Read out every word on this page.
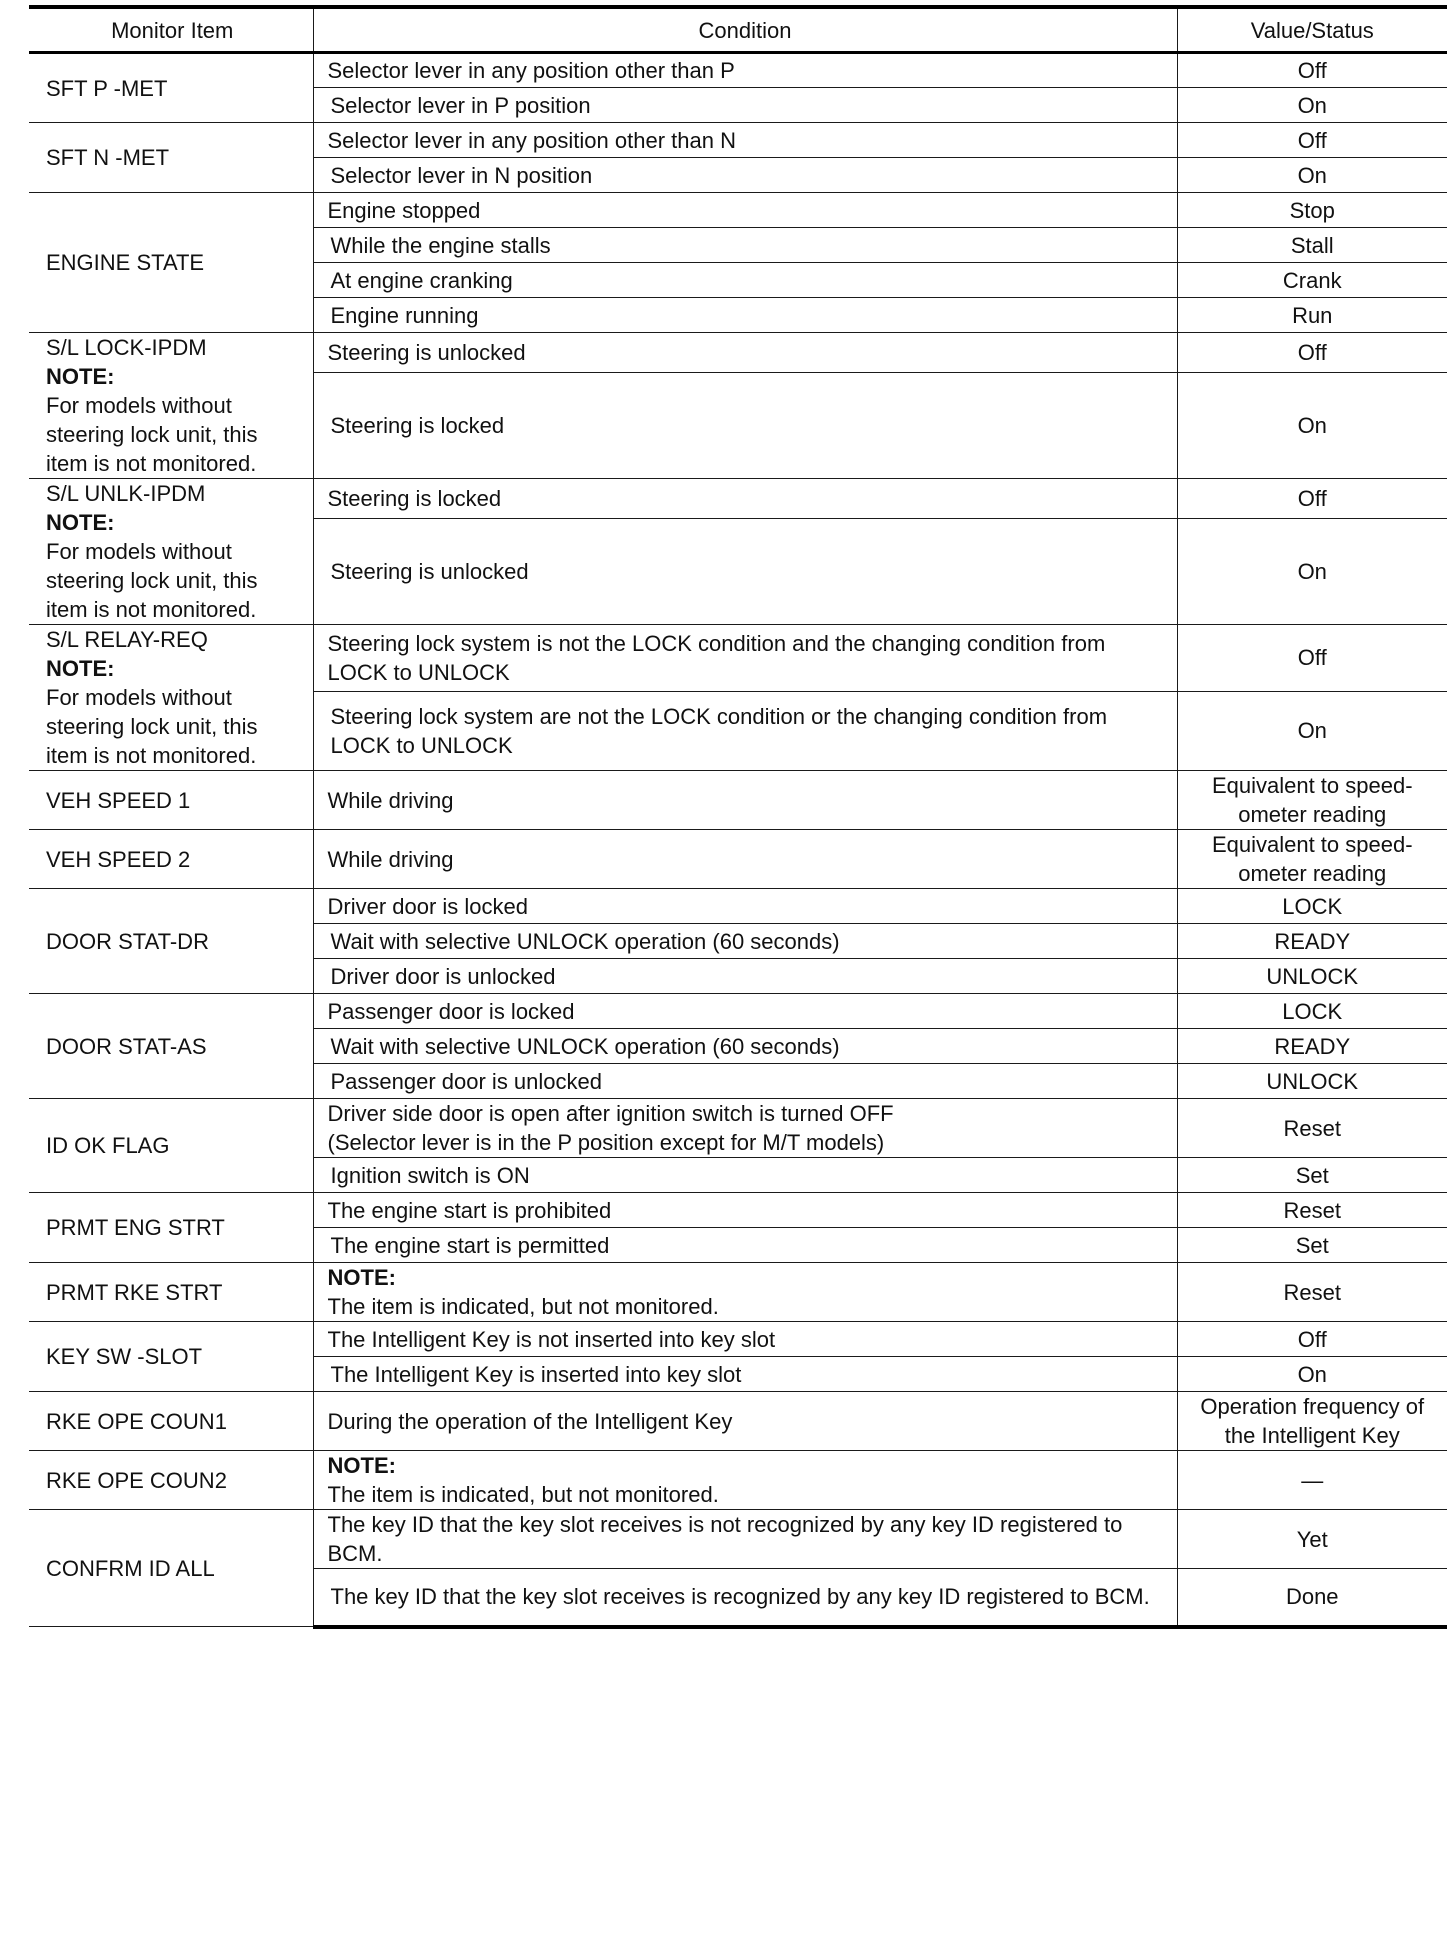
Monitor Item	Condition	Value/Status
SFT P -MET	Selector lever in any position other than P	Off
	Selector lever in P position	On
SFT N -MET	Selector lever in any position other than N	Off
	Selector lever in N position	On
ENGINE STATE	Engine stopped	Stop
	While the engine stalls	Stall
	At engine cranking	Crank
	Engine running	Run

S/L LOCK-IPDM
NOTE:
For models without steering lock unit, this item is not monitored.	Steering is unlocked	Off
	Steering is locked	On

S/L UNLK-IPDM
NOTE:
For models without steering lock unit, this item is not monitored.	Steering is locked	Off
	Steering is unlocked	On

S/L RELAY-REQ
NOTE:
For models without steering lock unit, this item is not monitored.	Steering lock system is not the LOCK condition and the changing condition from LOCK to UNLOCK	Off
	Steering lock system are not the LOCK condition or the changing condition from LOCK to UNLOCK	On
VEH SPEED 1	While driving	Equivalent to speed-ometer reading
VEH SPEED 2	While driving	Equivalent to speed-ometer reading
DOOR STAT-DR	Driver door is locked	LOCK
	Wait with selective UNLOCK operation (60 seconds)	READY
	Driver door is unlocked	UNLOCK
DOOR STAT-AS	Passenger door is locked	LOCK
	Wait with selective UNLOCK operation (60 seconds)	READY
	Passenger door is unlocked	UNLOCK
ID OK FLAG	Driver side door is open after ignition switch is turned OFF
(Selector lever is in the P position except for M/T models)	Reset
	Ignition switch is ON	Set
PRMT ENG STRT	The engine start is prohibited	Reset
	The engine start is permitted	Set
PRMT RKE STRT	NOTE:
The item is indicated, but not monitored.	Reset
KEY SW -SLOT	The Intelligent Key is not inserted into key slot	Off
	The Intelligent Key is inserted into key slot	On
RKE OPE COUN1	During the operation of the Intelligent Key	Operation frequency of the Intelligent Key
RKE OPE COUN2	NOTE:
The item is indicated, but not monitored.	—
CONFRM ID ALL	The key ID that the key slot receives is not recognized by any key ID registered to BCM.	Yet
	The key ID that the key slot receives is recognized by any key ID registered to BCM.	Done
